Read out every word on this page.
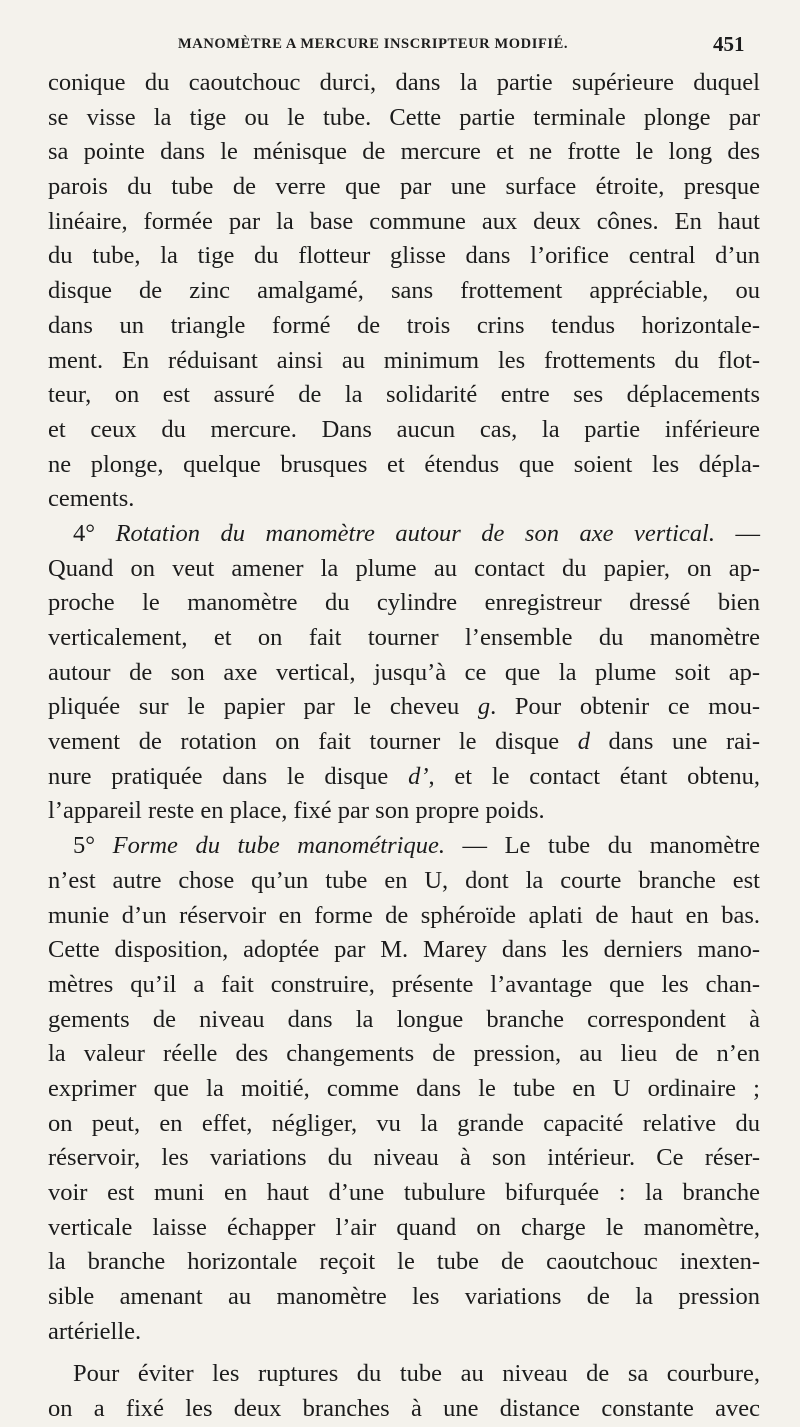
MANOMÈTRE A MERCURE INSCRIPTEUR MODIFIÉ.	451
conique du caoutchouc durci, dans la partie supérieure duquel
se visse la tige ou le tube. Cette partie terminale plonge par
sa pointe dans le ménisque de mercure et ne frotte le long des
parois du tube de verre que par une surface étroite, presque
linéaire, formée par la base commune aux deux cônes. En haut
du tube, la tige du flotteur glisse dans l’orifice central d’un
disque de zinc amalgamé, sans frottement appréciable, ou
dans un triangle formé de trois crins tendus horizontale-
ment. En réduisant ainsi au minimum les frottements du flot-
teur, on est assuré de la solidarité entre ses déplacements
et ceux du mercure. Dans aucun cas, la partie inférieure
ne plonge, quelque brusques et étendus que soient les dépla-
cements.
4° Rotation du manomètre autour de son axe vertical. —
Quand on veut amener la plume au contact du papier, on ap-
proche le manomètre du cylindre enregistreur dressé bien
verticalement, et on fait tourner l’ensemble du manomètre
autour de son axe vertical, jusqu’à ce que la plume soit ap-
pliquée sur le papier par le cheveu g. Pour obtenir ce mou-
vement de rotation on fait tourner le disque d dans une rai-
nure pratiquée dans le disque d’, et le contact étant obtenu,
l’appareil reste en place, fixé par son propre poids.
5° Forme du tube manométrique. — Le tube du manomètre
n’est autre chose qu’un tube en U, dont la courte branche est
munie d’un réservoir en forme de sphéroïde aplati de haut en bas.
Cette disposition, adoptée par M. Marey dans les derniers mano-
mètres qu’il a fait construire, présente l’avantage que les chan-
gements de niveau dans la longue branche correspondent à
la valeur réelle des changements de pression, au lieu de n’en
exprimer que la moitié, comme dans le tube en U ordinaire ;
on peut, en effet, négliger, vu la grande capacité relative du
réservoir, les variations du niveau à son intérieur. Ce réser-
voir est muni en haut d’une tubulure bifurquée : la branche
verticale laisse échapper l’air quand on charge le manomètre,
la branche horizontale reçoit le tube de caoutchouc inexten-
sible amenant au manomètre les variations de la pression
artérielle.
Pour éviter les ruptures du tube au niveau de sa courbure,
on a fixé les deux branches à une distance constante avec
